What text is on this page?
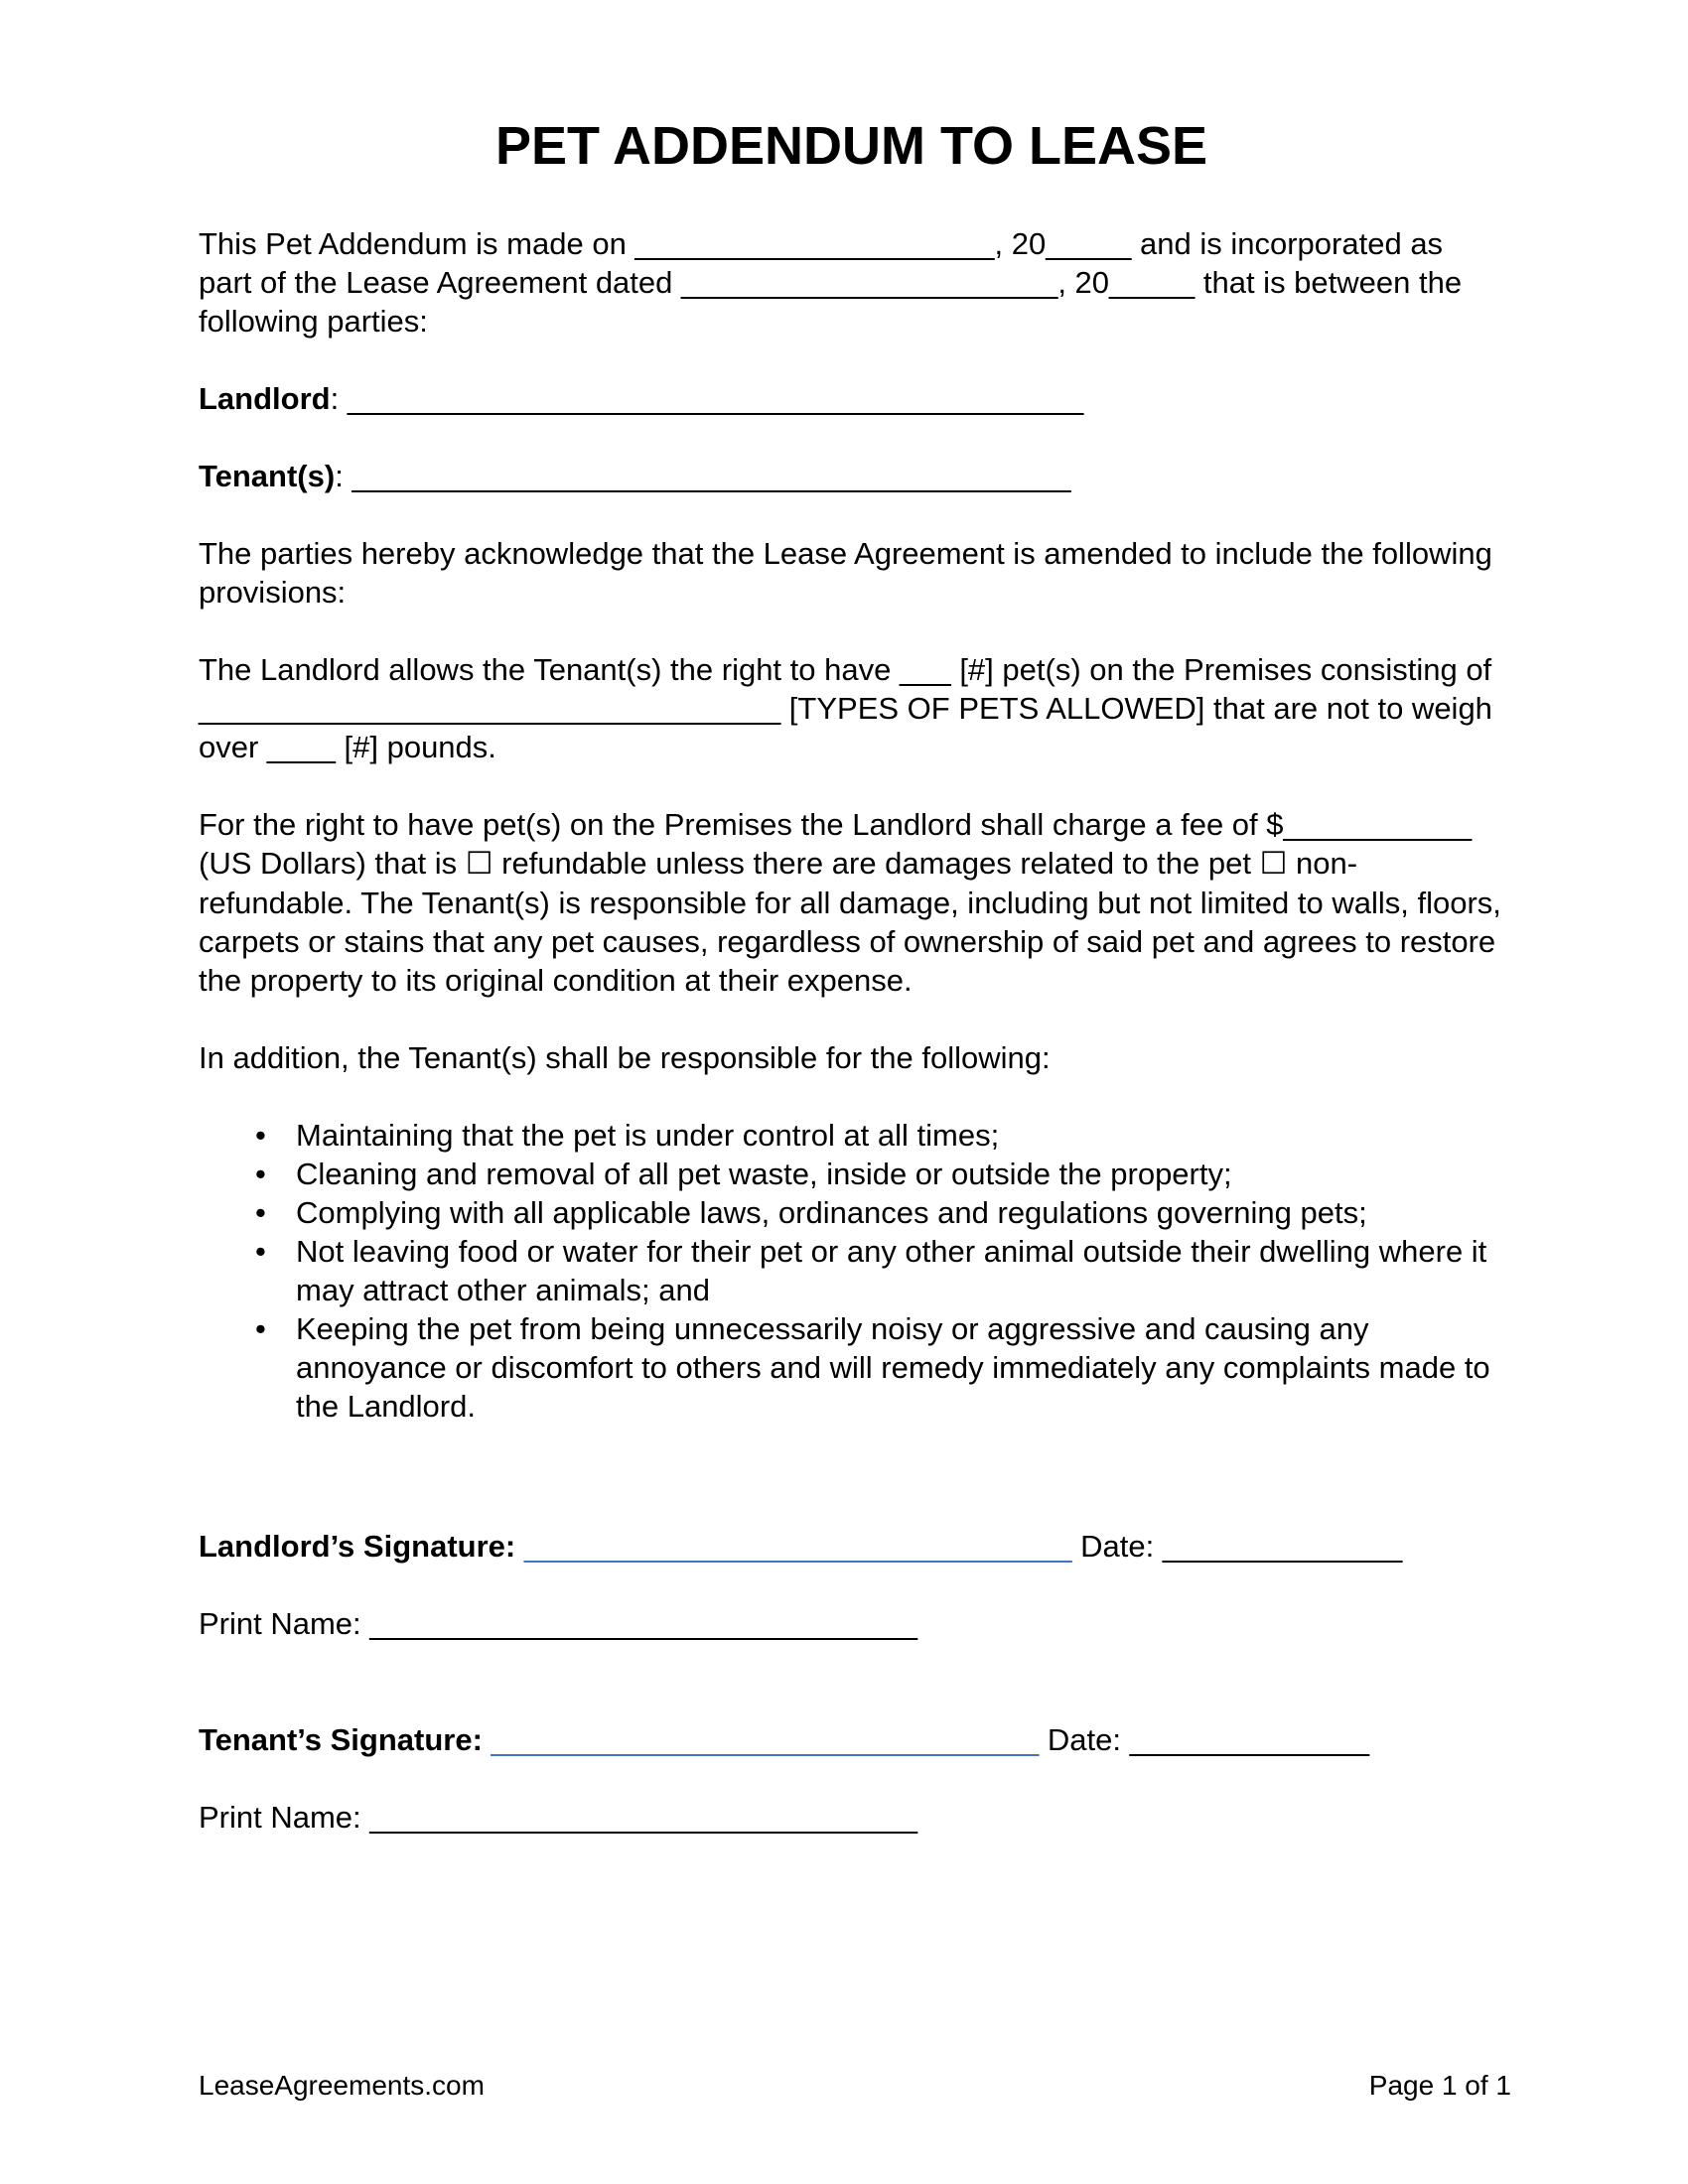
PET ADDENDUM TO LEASE

This Pet Addendum is made on _____________________, 20_____ and is incorporated as part of the Lease Agreement dated ______________________, 20_____ that is between the following parties:

Landlord: ___________________________________________

Tenant(s): __________________________________________

The parties hereby acknowledge that the Lease Agreement is amended to include the following provisions:

The Landlord allows the Tenant(s) the right to have ___ [#] pet(s) on the Premises consisting of __________________________________ [TYPES OF PETS ALLOWED] that are not to weigh over ____ [#] pounds.

For the right to have pet(s) on the Premises the Landlord shall charge a fee of $___________ (US Dollars) that is ☐ refundable unless there are damages related to the pet ☐ non-refundable. The Tenant(s) is responsible for all damage, including but not limited to walls, floors, carpets or stains that any pet causes, regardless of ownership of said pet and agrees to restore the property to its original condition at their expense.

In addition, the Tenant(s) shall be responsible for the following:

• Maintaining that the pet is under control at all times;
• Cleaning and removal of all pet waste, inside or outside the property;
• Complying with all applicable laws, ordinances and regulations governing pets;
• Not leaving food or water for their pet or any other animal outside their dwelling where it may attract other animals; and
• Keeping the pet from being unnecessarily noisy or aggressive and causing any annoyance or discomfort to others and will remedy immediately any complaints made to the Landlord.

Landlord’s Signature: ________________________________ Date: ______________

Print Name: ________________________________

Tenant’s Signature: ________________________________ Date: ______________

Print Name: ________________________________

LeaseAgreements.com	Page 1 of 1
